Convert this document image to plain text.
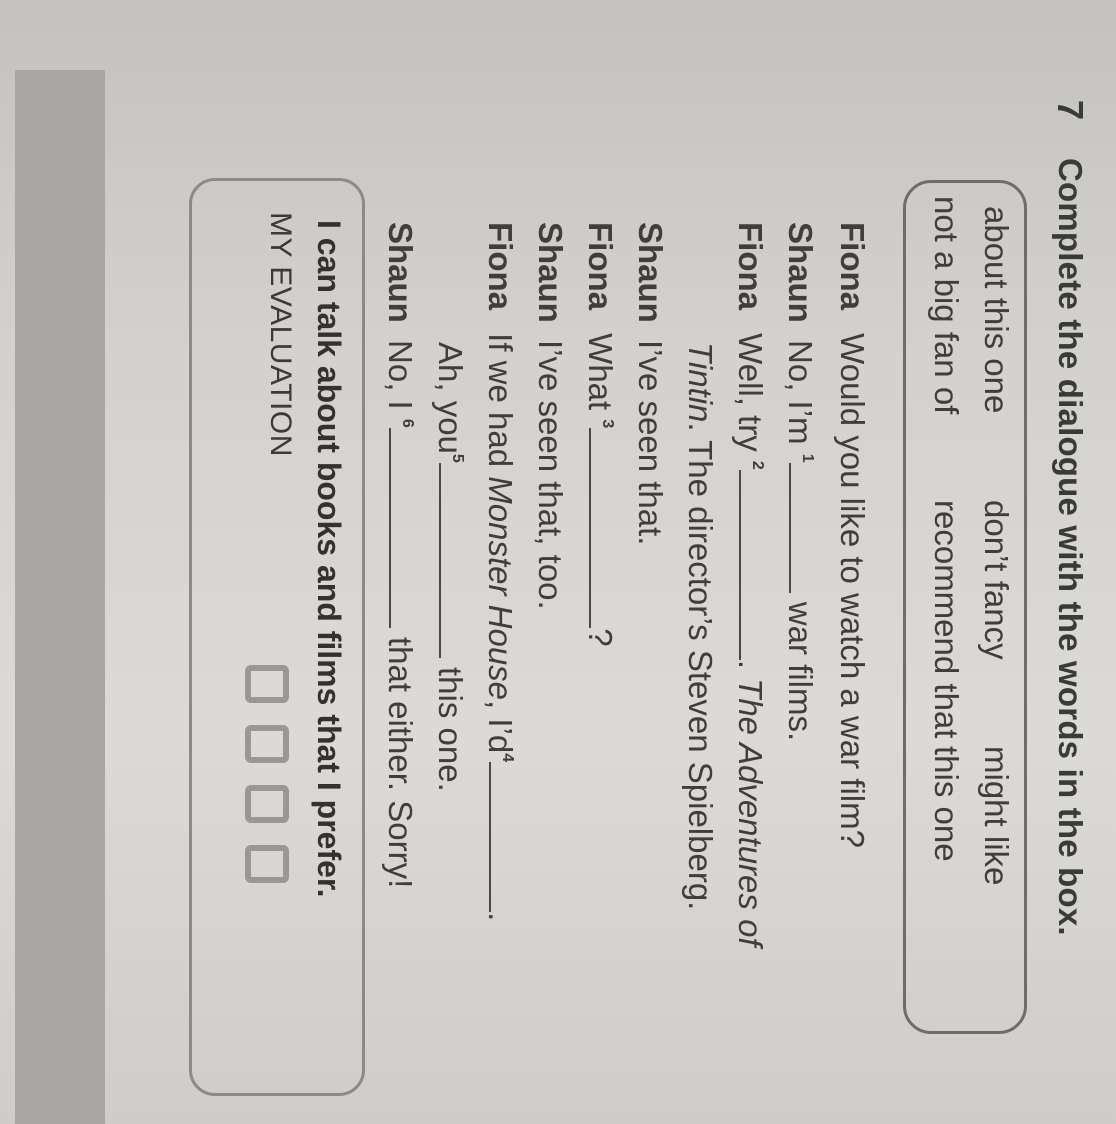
7
Complete the dialogue with the words in the box.
about this one
don’t fancy
might like
not a big fan of
recommend that
this one
Fiona Would you like to watch a war film?
Shaun No, I’m $^1$ war films.
Fiona Well, try $^2$. The Adventures of
Tintin. The director’s Steven Spielberg.
Shaun I’ve seen that.
Fiona What $^3$?
Shaun I’ve seen that, too.
Fiona If we had Monster House, $I’d^4$.
Ah, you$^5$ this one.
Shaun No, I $^6$ that either. Sorry!
I can talk about books and films that I prefer.
MY EVALUATION
